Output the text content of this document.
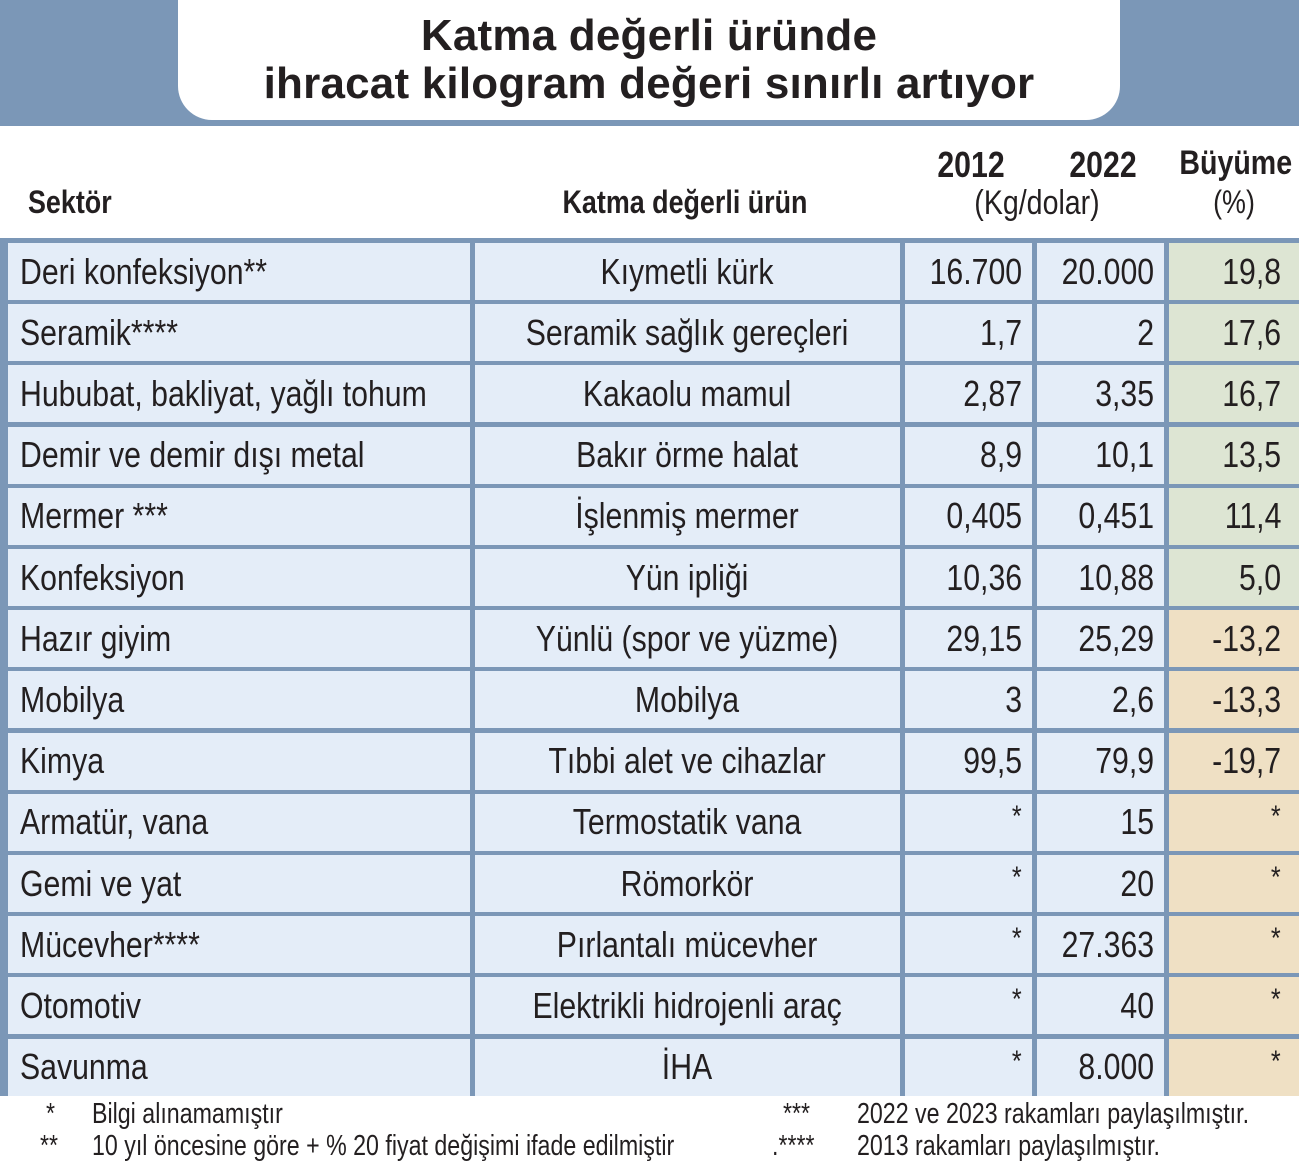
Katma değerli üründe
ihracat kilogram değeri sınırlı artıyor
Sektör	Katma değerli ürün
2012	2022
(Kg/dolar)
Büyüme
(%)
Deri konfeksiyon**	Kıymetli kürk	16.700 20.000 19,8
Seramik****	Seramik sağlık gereçleri	1,7	2 17,6
Hububat, bakliyat, yağlı tohum	Kakaolu mamul	2,87 3,35 16,7
Demir ve demir dışı metal	Bakır örme halat	8,9 10,1 13,5
Mermer ***	İşlenmiş mermer	0,405 0,451 11,4
Konfeksiyon	Yün ipliği	10,36 10,88 5,0
Hazır giyim	Yünlü (spor ve yüzme)	29,15 25,29 -13,2
Mobilya	Mobilya	3 2,6 -13,3
Kimya	Tıbbi alet ve cihazlar	99,5 79,9 -19,7
Armatür, vana	Termostatik vana	*	15	*
Gemi ve yat	Römorkör	*	20	*
Mücevher****	Pırlantalı mücevher	* 27.363	*
Otomotiv	Elektrikli hidrojenli araç	*	40	*
Savunma	İHA	* 8.000	*
* Bilgi alınamamıştır
** 10 yıl öncesine göre + % 20 fiyat değişimi ifade edilmiştir
*** 2022 ve 2023 rakamları paylaşılmıştır.
.**** 2013 rakamları paylaşılmıştır.
